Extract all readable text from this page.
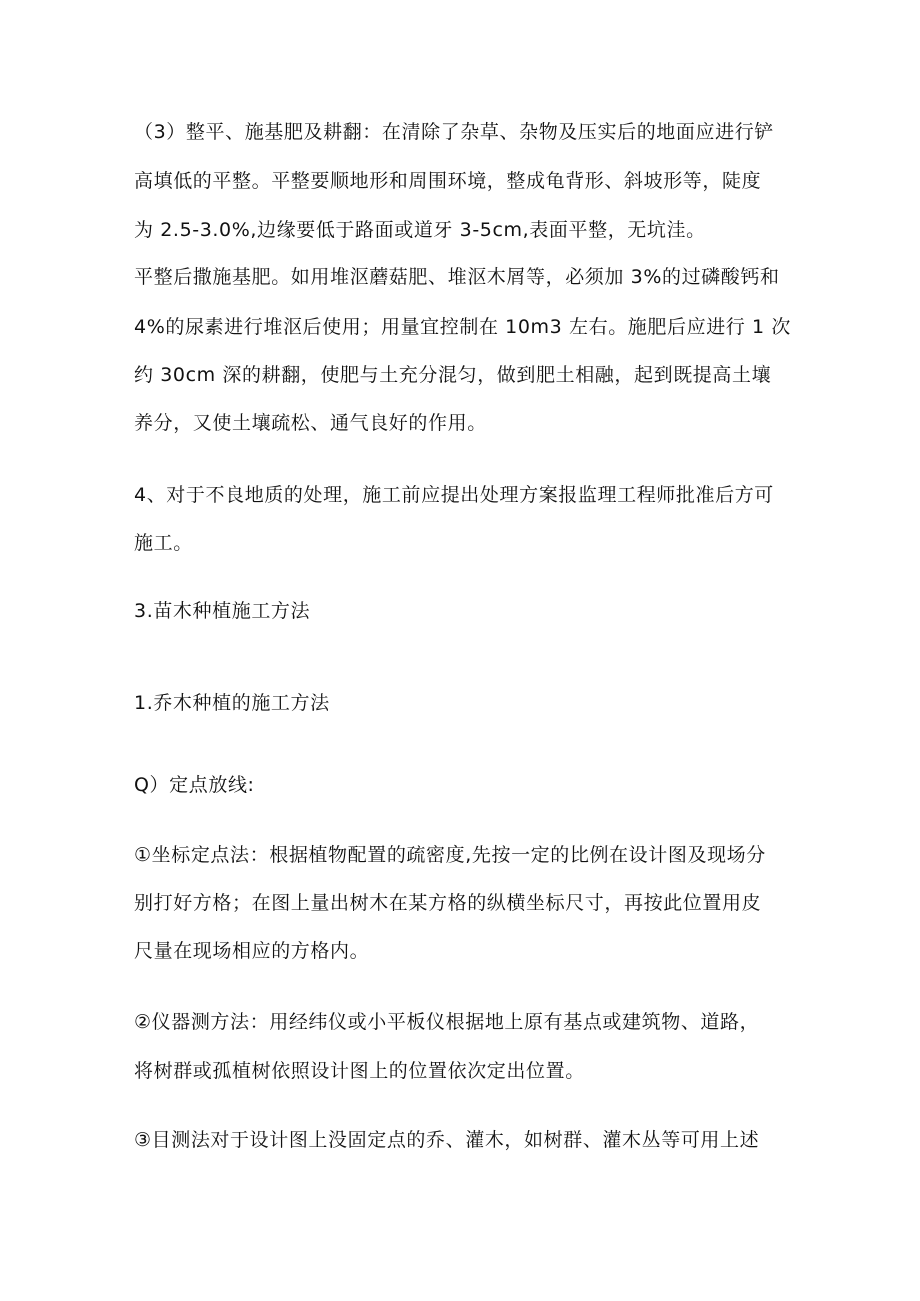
（3）整平、施基肥及耕翻：在清除了杂草、杂物及压实后的地面应进行铲
高填低的平整。平整要顺地形和周围环境，整成龟背形、斜坡形等，陡度
为 2.5-3.0%,边缘要低于路面或道牙 3-5cm,表面平整，无坑洼。
平整后撒施基肥。如用堆沤蘑菇肥、堆沤木屑等，必须加 3%的过磷酸钙和
4%的尿素进行堆沤后使用；用量宜控制在 10m3 左右。施肥后应进行 1 次
约 30cm 深的耕翻，使肥与土充分混匀，做到肥土相融，起到既提高土壤
养分，又使土壤疏松、通气良好的作用。
4、对于不良地质的处理，施工前应提出处理方案报监理工程师批准后方可
施工。
3.苗木种植施工方法
1.乔木种植的施工方法
Q）定点放线:
①坐标定点法：根据植物配置的疏密度,先按一定的比例在设计图及现场分
别打好方格；在图上量出树木在某方格的纵横坐标尺寸，再按此位置用皮
尺量在现场相应的方格内。
②仪器测方法：用经纬仪或小平板仪根据地上原有基点或建筑物、道路，
将树群或孤植树依照设计图上的位置依次定出位置。
③目测法对于设计图上没固定点的乔、灌木，如树群、灌木丛等可用上述
